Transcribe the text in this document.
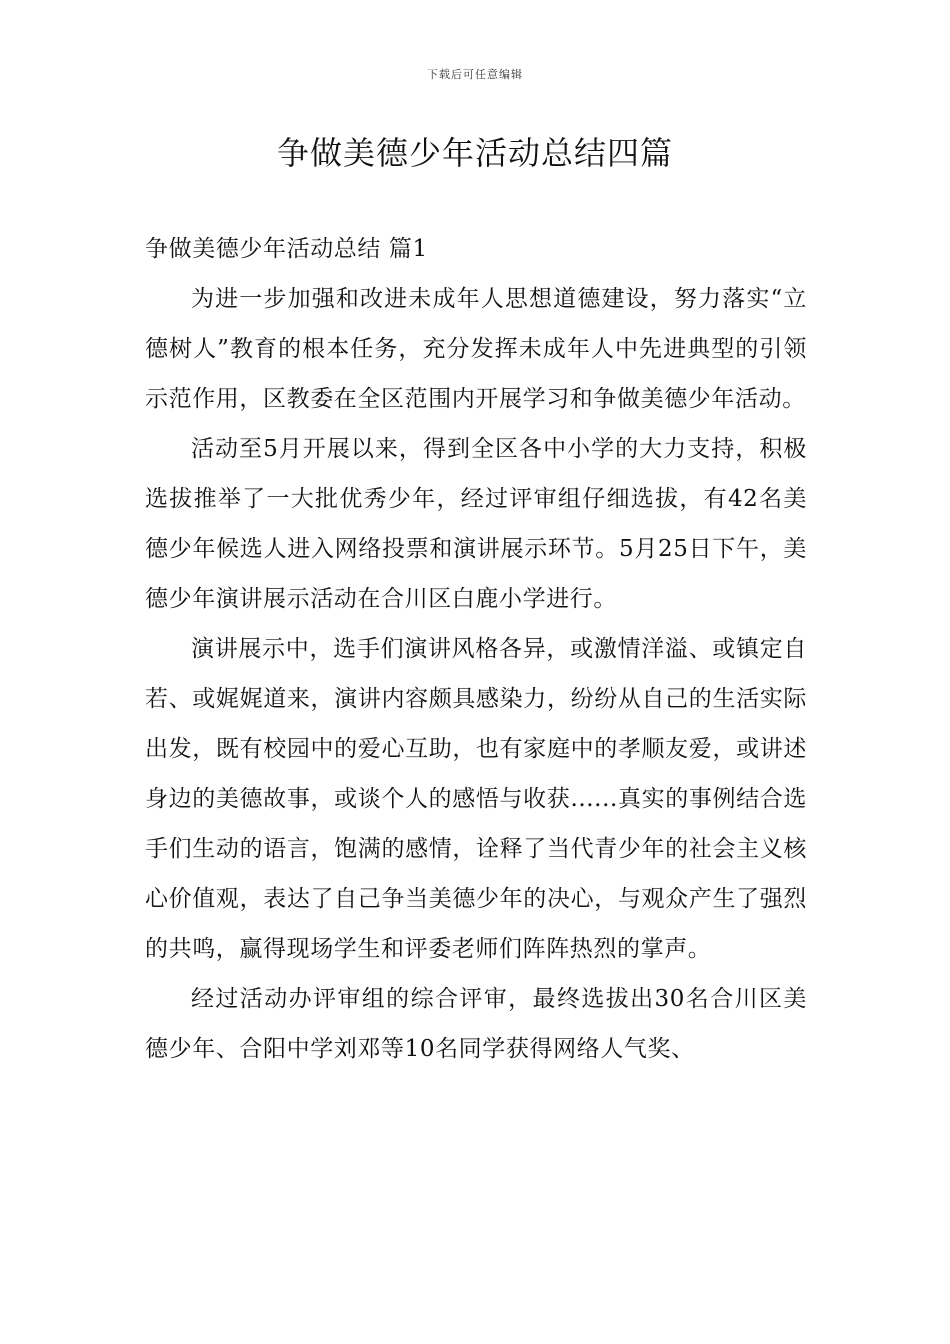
下载后可任意编辑
争做美德少年活动总结四篇

争做美德少年活动总结 篇1

为进一步加强和改进未成年人思想道德建设，努力落实“立德树人”教育的根本任务，充分发挥未成年人中先进典型的引领示范作用，区教委在全区范围内开展学习和争做美德少年活动。

活动至5月开展以来，得到全区各中小学的大力支持，积极选拔推举了一大批优秀少年，经过评审组仔细选拔，有42名美德少年候选人进入网络投票和演讲展示环节。5月25日下午，美德少年演讲展示活动在合川区白鹿小学进行。

演讲展示中，选手们演讲风格各异，或激情洋溢、或镇定自若、或娓娓道来，演讲内容颇具感染力，纷纷从自己的生活实际出发，既有校园中的爱心互助，也有家庭中的孝顺友爱，或讲述身边的美德故事，或谈个人的感悟与收获......真实的事例结合选手们生动的语言，饱满的感情，诠释了当代青少年的社会主义核心价值观，表达了自己争当美德少年的决心，与观众产生了强烈的共鸣，赢得现场学生和评委老师们阵阵热烈的掌声。

经过活动办评审组的综合评审，最终选拔出30名合川区美德少年、合阳中学刘邓等10名同学获得网络人气奖、
